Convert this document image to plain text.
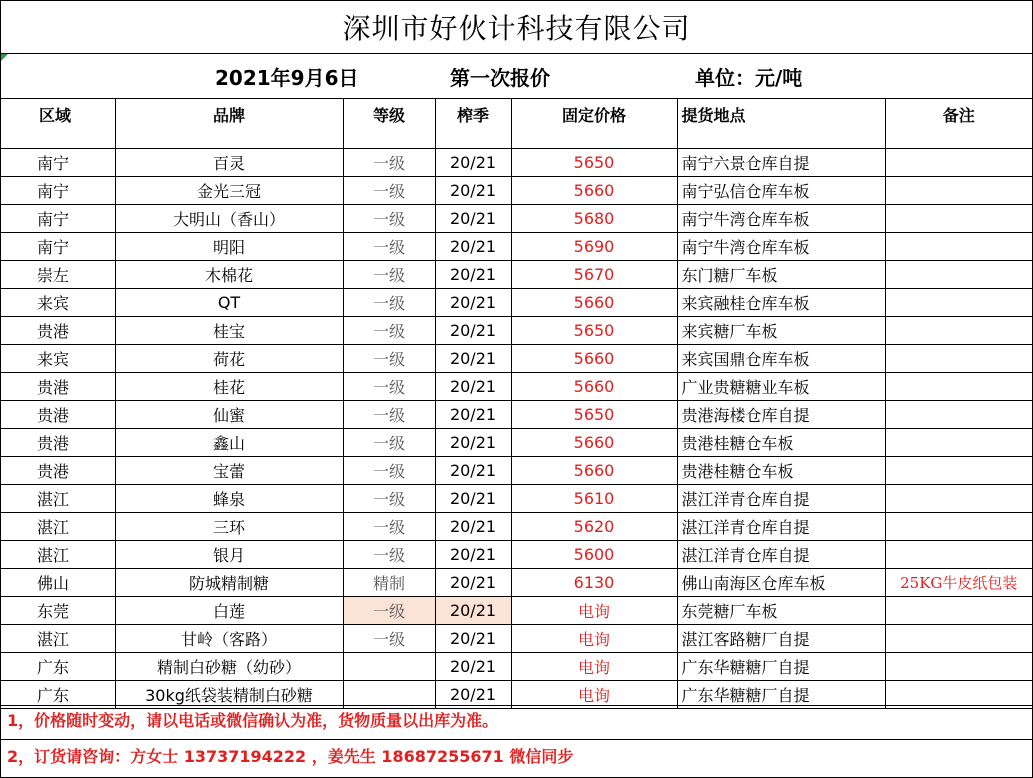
深圳市好伙计科技有限公司
2021年9月6日	第一次报价	单位：元/吨
区域	品牌	等级	榨季	固定价格	提货地点	备注
南宁	百灵	一级	20/21	5650	南宁六景仓库自提	
南宁	金光三冠	一级	20/21	5660	南宁弘信仓库车板	
南宁	大明山（香山）	一级	20/21	5680	南宁牛湾仓库车板	
南宁	明阳	一级	20/21	5690	南宁牛湾仓库车板	
崇左	木棉花	一级	20/21	5670	东门糖厂车板	
来宾	QT	一级	20/21	5660	来宾融桂仓库车板	
贵港	桂宝	一级	20/21	5650	来宾糖厂车板	
来宾	荷花	一级	20/21	5660	来宾国鼎仓库车板	
贵港	桂花	一级	20/21	5660	广业贵糖糖业车板	
贵港	仙蜜	一级	20/21	5650	贵港海楼仓库自提	
贵港	鑫山	一级	20/21	5660	贵港桂糖仓车板	
贵港	宝蕾	一级	20/21	5660	贵港桂糖仓车板	
湛江	蜂泉	一级	20/21	5610	湛江洋青仓库自提	
湛江	三环	一级	20/21	5620	湛江洋青仓库自提	
湛江	银月	一级	20/21	5600	湛江洋青仓库自提	
佛山	防城精制糖	精制	20/21	6130	佛山南海区仓库车板	25KG牛皮纸包装
东莞	白莲	一级	20/21	电询	东莞糖厂车板	
湛江	甘岭（客路）	一级	20/21	电询	湛江客路糖厂自提	
广东	精制白砂糖（幼砂）		20/21	电询	广东华糖糖厂自提	
广东	30kg纸袋装精制白砂糖		20/21	电询	广东华糖糖厂自提	
1，价格随时变动，请以电话或微信确认为准，货物质量以出库为准。
2，订货请咨询：方女士 13737194222 ，姜先生 18687255671 微信同步
